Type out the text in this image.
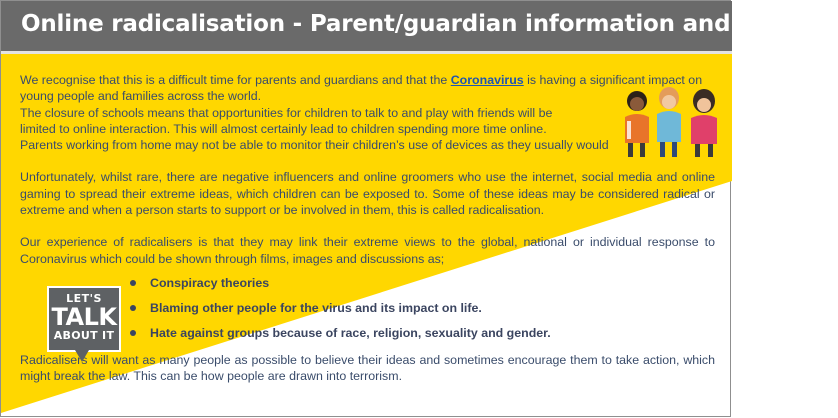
Online radicalisation - Parent/guardian information and support

We recognise that this is a difficult time for parents and guardians and that the Coronavirus is having a significant impact on
young people and families across the world.
The closure of schools means that opportunities for children to talk to and play with friends will be
limited to online interaction. This will almost certainly lead to children spending more time online.
Parents working from home may not be able to monitor their children’s use of devices as they usually would

Unfortunately, whilst rare, there are negative influencers and online groomers who use the internet, social media and online gaming to spread their extreme ideas, which children can be exposed to. Some of these ideas may be considered radical or extreme and when a person starts to support or be involved in them, this is called radicalisation.

Our experience of radicalisers is that they may link their extreme views to the global, national or individual response to Coronavirus which could be shown through films, images and discussions as;

Conspiracy theories
Blaming other people for the virus and its impact on life.
Hate against groups because of race, religion, sexuality and gender.

Radicalisers will want as many people as possible to believe their ideas and sometimes encourage them to take action, which might break the law. This can be how people are drawn into terrorism.

LET'S
TALK
ABOUT IT
